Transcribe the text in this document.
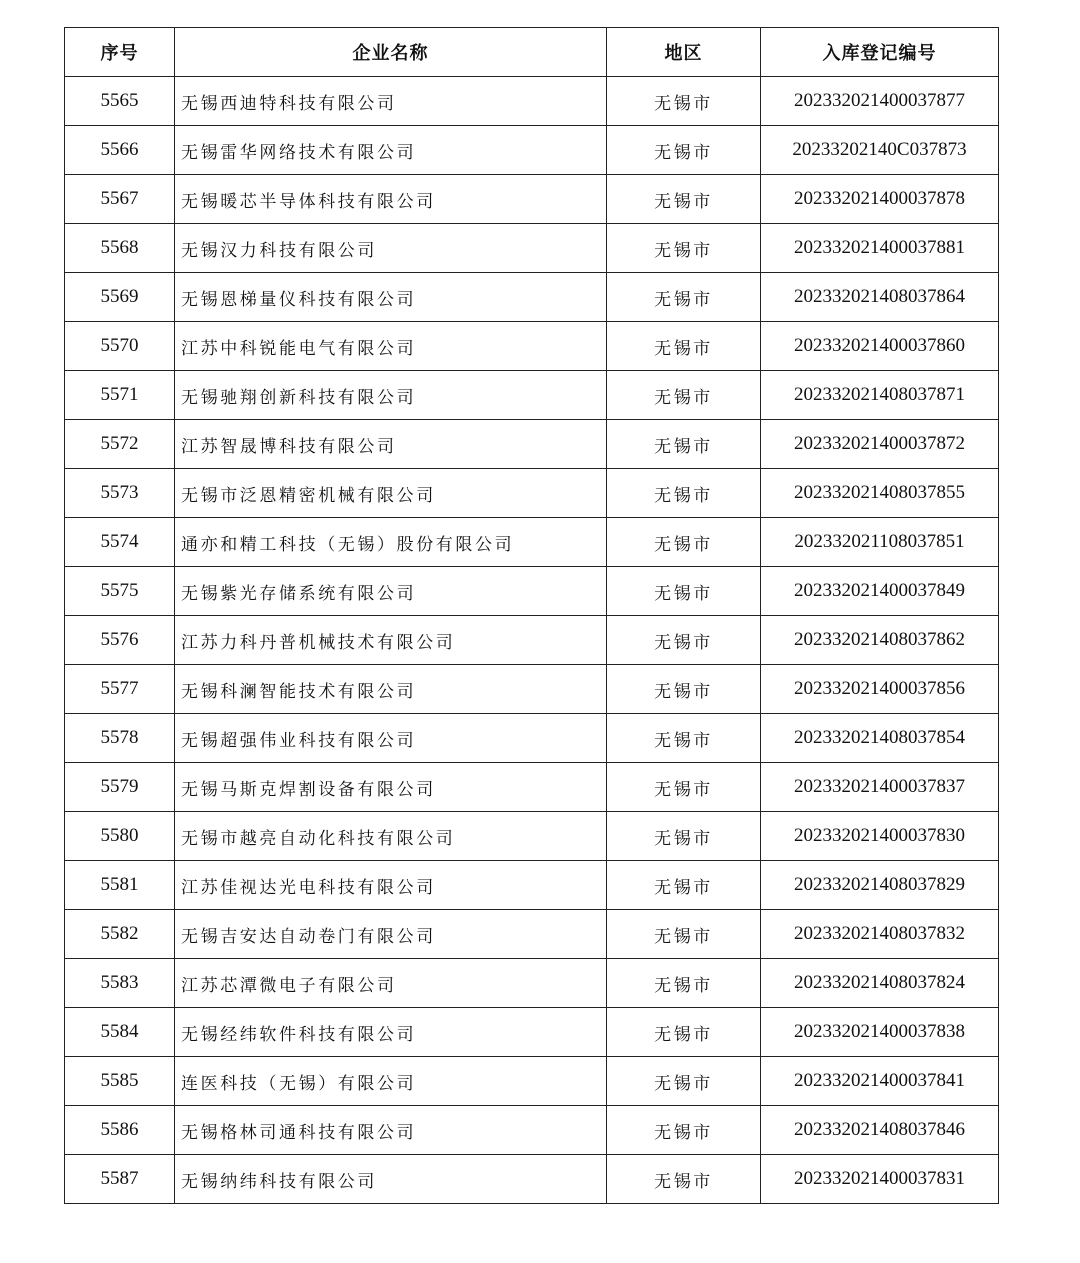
序号	企业名称	地区	入库登记编号
5565	无锡西迪特科技有限公司	无锡市	20233202140003787​7
5566	无锡雷华网络技术有限公司	无锡市	20233202140C037873
5567	无锡暖芯半导体科技有限公司	无锡市	202332021400037878
5568	无锡汉力科技有限公司	无锡市	202332021400037881
5569	无锡恩梯量仪科技有限公司	无锡市	202332021408037864
5570	江苏中科锐能电气有限公司	无锡市	202332021400037860
5571	无锡驰翔创新科技有限公司	无锡市	202332021408037871
5572	江苏智晟博科技有限公司	无锡市	202332021400037872
5573	无锡市泛恩精密机械有限公司	无锡市	202332021408037855
5574	通亦和精工科技（无锡）股份有限公司	无锡市	202332021108037851
5575	无锡紫光存储系统有限公司	无锡市	202332021400037849
5576	江苏力科丹普机械技术有限公司	无锡市	202332021408037862
5577	无锡科澜智能技术有限公司	无锡市	202332021400037856
5578	无锡超强伟业科技有限公司	无锡市	202332021408037854
5579	无锡马斯克焊割设备有限公司	无锡市	202332021400037837
5580	无锡市越亮自动化科技有限公司	无锡市	202332021400037830
5581	江苏佳视达光电科技有限公司	无锡市	202332021408037829
5582	无锡吉安达自动卷门有限公司	无锡市	202332021408037832
5583	江苏芯潭微电子有限公司	无锡市	202332021408037824
5584	无锡经纬软件科技有限公司	无锡市	202332021400037838
5585	连医科技（无锡）有限公司	无锡市	202332021400037841
5586	无锡格林司通科技有限公司	无锡市	202332021408037846
5587	无锡纳纬科技有限公司	无锡市	202332021400037831
